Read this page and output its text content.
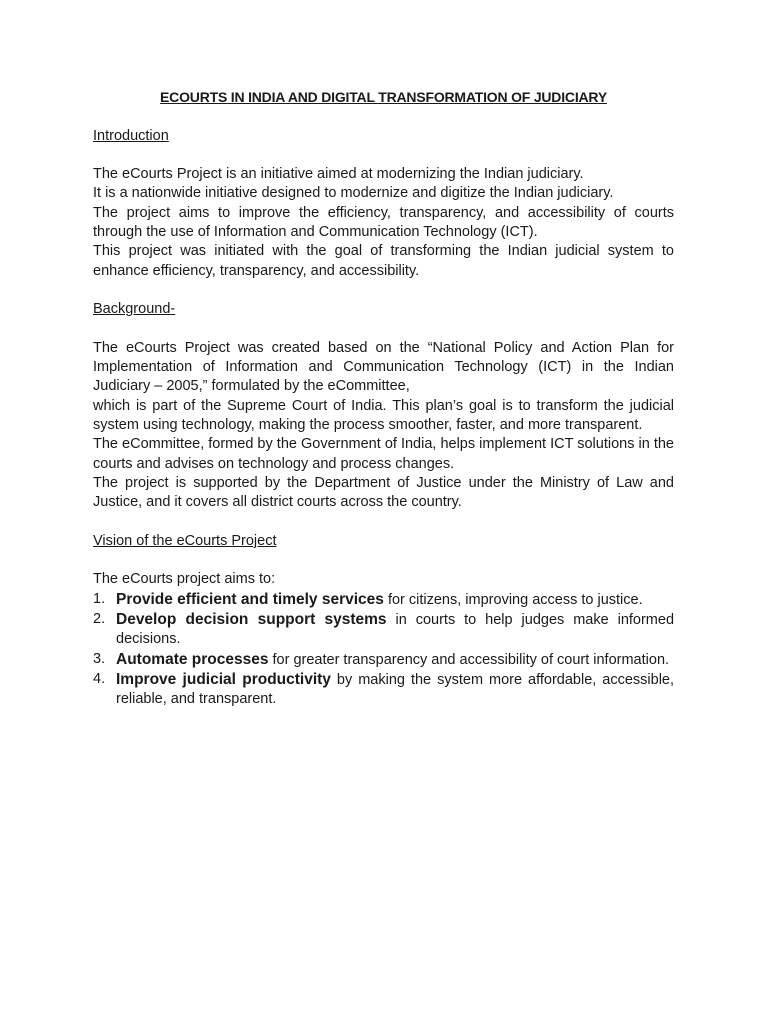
ECOURTS IN INDIA AND DIGITAL TRANSFORMATION OF JUDICIARY

Introduction

The eCourts Project is an initiative aimed at modernizing the Indian judiciary.

It is a nationwide initiative designed to modernize and digitize the Indian judiciary.

The project aims to improve the efficiency, transparency, and accessibility of courts through the use of Information and Communication Technology (ICT).

This project was initiated with the goal of transforming the Indian judicial system to enhance efficiency, transparency, and accessibility.

Background-

The eCourts Project was created based on the “National Policy and Action Plan for Implementation of Information and Communication Technology (ICT) in the Indian Judiciary – 2005,” formulated by the eCommittee,

which is part of the Supreme Court of India. This plan’s goal is to transform the judicial system using technology, making the process smoother, faster, and more transparent.

The eCommittee, formed by the Government of India, helps implement ICT solutions in the courts and advises on technology and process changes.

The project is supported by the Department of Justice under the Ministry of Law and Justice, and it covers all district courts across the country.

Vision of the eCourts Project

The eCourts project aims to:

1. Provide efficient and timely services for citizens, improving access to justice.
2. Develop decision support systems in courts to help judges make informed decisions.
3. Automate processes for greater transparency and accessibility of court information.
4. Improve judicial productivity by making the system more affordable, accessible, reliable, and transparent.
